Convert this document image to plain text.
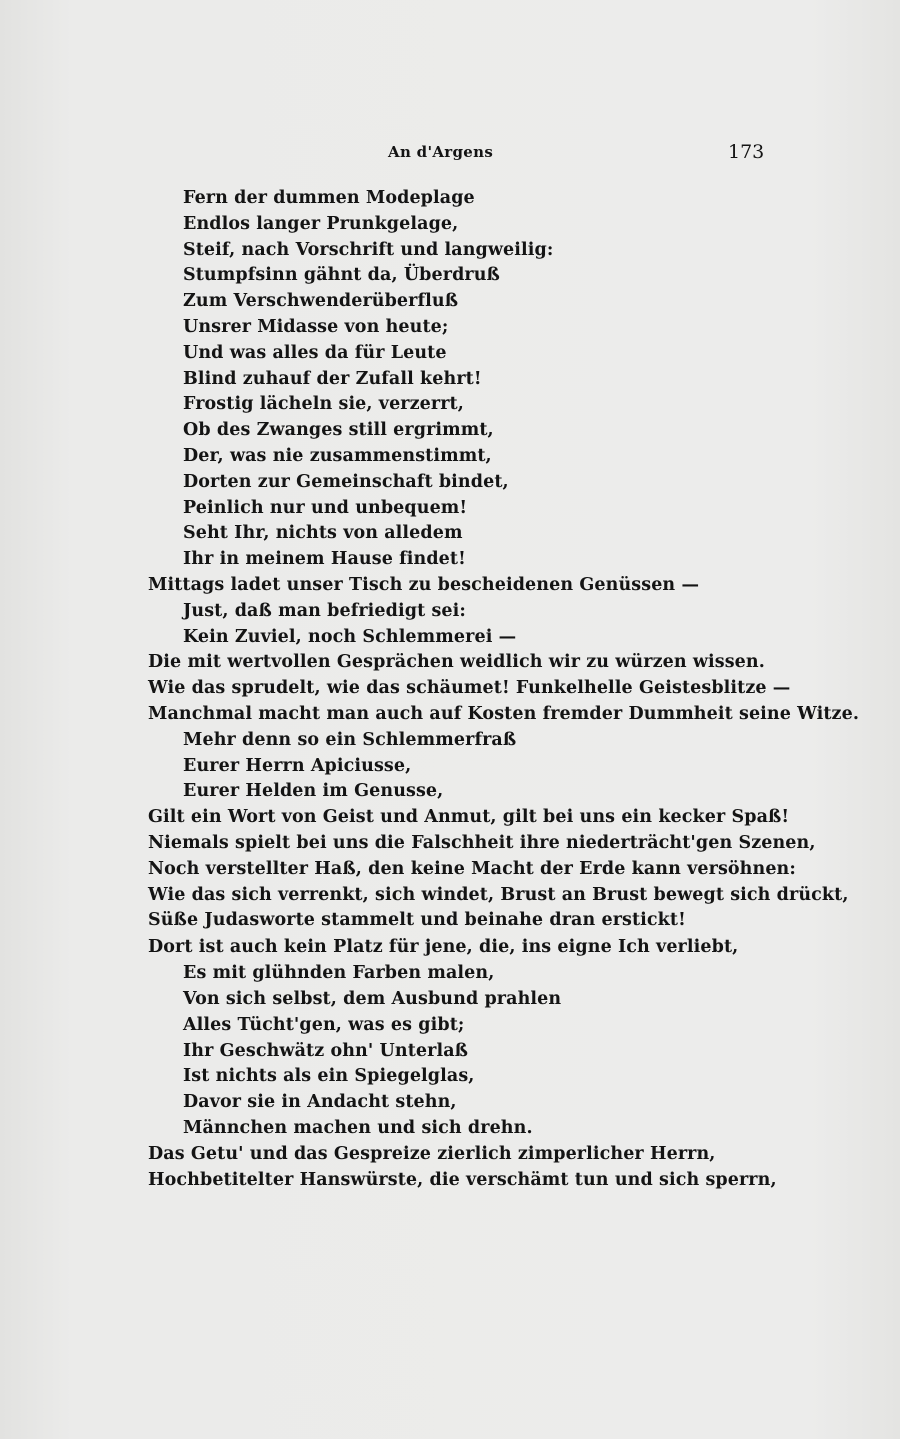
An d'Argens	173
Fern der dummen Modeplage
Endlos langer Prunkgelage,
Steif, nach Vorschrift und langweilig:
Stumpfsinn gähnt da, Überdruß
Zum Verschwenderüberfluß
Unsrer Midasse von heute;
Und was alles da für Leute
Blind zuhauf der Zufall kehrt!
Frostig lächeln sie, verzerrt,
Ob des Zwanges still ergrimmt,
Der, was nie zusammenstimmt,
Dorten zur Gemeinschaft bindet,
Peinlich nur und unbequem!
Seht Ihr, nichts von alledem
Ihr in meinem Hause findet!
Mittags ladet unser Tisch zu bescheidenen Genüssen —
Just, daß man befriedigt sei:
Kein Zuviel, noch Schlemmerei —
Die mit wertvollen Gesprächen weidlich wir zu würzen wissen.
Wie das sprudelt, wie das schäumet! Funkelhelle Geistesblitze —
Manchmal macht man auch auf Kosten fremder Dummheit seine Witze.
Mehr denn so ein Schlemmerfraß
Eurer Herrn Apiciusse,
Eurer Helden im Genusse,
Gilt ein Wort von Geist und Anmut, gilt bei uns ein kecker Spaß!
Niemals spielt bei uns die Falschheit ihre niederträcht'gen Szenen,
Noch verstellter Haß, den keine Macht der Erde kann versöhnen:
Wie das sich verrenkt, sich windet, Brust an Brust bewegt sich drückt,
Süße Judasworte stammelt und beinahe dran erstickt!
Dort ist auch kein Platz für jene, die, ins eigne Ich verliebt,
Es mit glühnden Farben malen,
Von sich selbst, dem Ausbund prahlen
Alles Tücht'gen, was es gibt;
Ihr Geschwätz ohn' Unterlaß
Ist nichts als ein Spiegelglas,
Davor sie in Andacht stehn,
Männchen machen und sich drehn.
Das Getu' und das Gespreize zierlich zimperlicher Herrn,
Hochbetitelter Hanswürste, die verschämt tun und sich sperrn,
